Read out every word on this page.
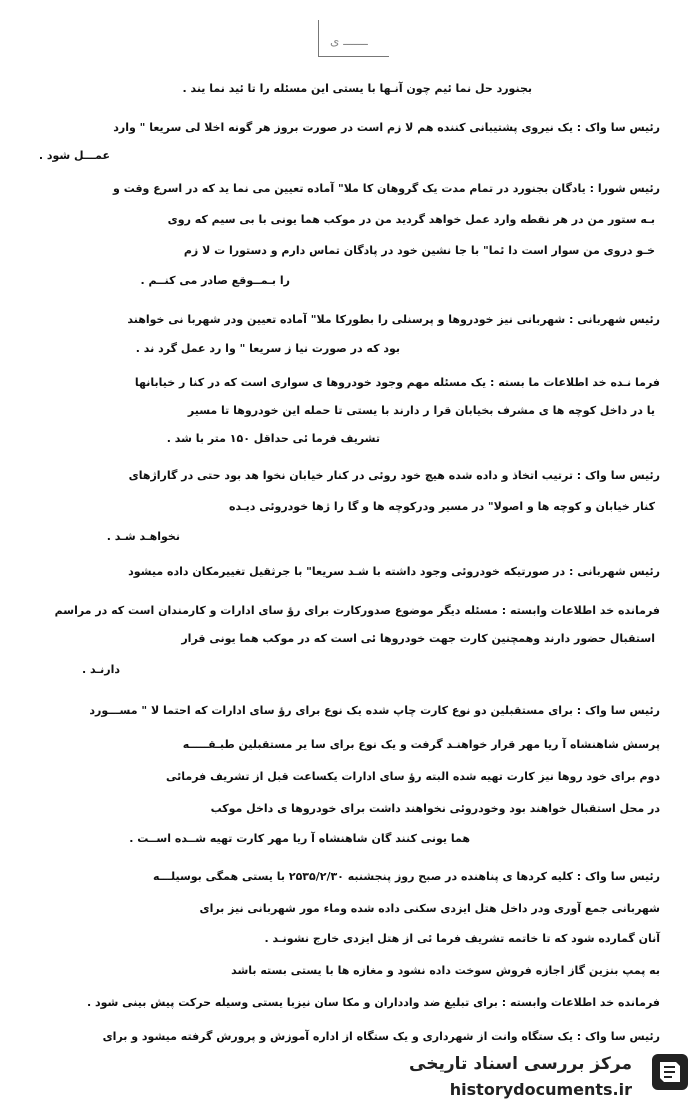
ـــــــ ی
بجنورد حل نما ئیم چون آنـها با یستی این مسئله را تا ئید نما یند .
رئیس سا واک : یک نیروی پشتیبانی کننده هم لا زم است در صورت بروز هر گونه اخلا لی سریعا " وارد
عمـــل شود .
رئیس شورا : یادگان بجنورد در تمام مدت یک گروهان کا ملا" آماده تعیین می نما ید که در اسرع وقت و
بـه ستور من در هر نقطه وارد عمل خواهد گردید من در موکب هما یونی با بی سیم که روی
خـو دروی من سوار است دا ئما" با جا نشین خود در پادگان تماس دارم و دستورا ت لا زم
را بـمــوقع صادر می کنــم .
رئیس شهربانی : شهربانی نیز خودروها و پرسنلی را بطورکا ملا" آماده تعیین ودر شهربا نی خواهند
بود که در صورت نیا ز سریعا " وا رد عمل گرد ند .
فرما نـده خد اطلاعات ما بسته : یک مسئله مهم وجود خودروها ی سواری است که در کنا ر خیابانها
یا در داخل کوچه ها ی مشرف بخیابان قرا ر دارند با یستی تا حمله این خودروها تا مسیر
تشریف فرما ئی حداقل ۱۵۰ متر با شد .
رئیس سا واک : ترتیب اتخاذ و داده شده هیچ خود روئی در کنار خیابان نخوا هد بود حتی در گاراژهای
کنار خیابان و کوچه ها و اصولا" در مسیر ودرکوچه ها و گا را ژها خودروئی دیـده
نخواهـد شـد .
رئیس شهربانی : در صورتیکه خودروئی وجود داشته با شـد سریعا" با جرثقیل تغییرمکان داده میشود
فرمانده خد اطلاعات وابسته : مسئله دیگر موضوع صدورکارت برای رؤ سای ادارات و کارمندان است که در مراسم
استقبال حضور دارند وهمچنین کارت جهت خودروها ئی است که در موکب هما یونی قرار
دارنـد .
رئیس سا واک : برای مستقبلین دو نوع کارت چاپ شده یک نوع برای رؤ سای ادارات که احتما لا " مســـورد
پرسش شاهنشاه آ ریا مهر قرار خواهنـد گرفت و یک نوع برای سا یر مستقبلین طبـقـــــه
دوم برای خود روها نیز کارت تهیه شده البته رؤ سای ادارات یکساعت قبل از تشریف فرمائی
در محل استقبال خواهند بود وخودروئی نخواهند داشت برای خودروها ی داخل موکب
هما یونی کنند گان شاهنشاه آ ریا مهر کارت تهیه شــده اســت .
رئیس سا واک : کلیه کردها ی پناهنده در صبح روز پنجشنبه ۲۵۳۵/۲/۳۰ با یستی همگی بوسیلـــه
شهربانی جمع آوری ودر داخل هتل ایزدی سکنی داده شده وماء مور شهربانی نیز برای
آنان گمارده شود که تا خاتمه تشریف فرما ئی از هتل ایزدی خارج نشونـد .
به پمپ بنزین گاز اجازه فروش سوخت داده نشود و مغازه ها با یستی بسته باشد
فرمانده خد اطلاعات وابسته : برای تبلیغ ضد وادداران و مکا سان نیزبا یستی وسیله حرکت پیش بینی شود .
رئیس سا واک : یک ستگاه وانت از شهرداری و یک ستگاه از اداره آموزش و پرورش گرفته میشود و برای
مرکز بررسی اسناد تاریخی
historydocuments.ir
